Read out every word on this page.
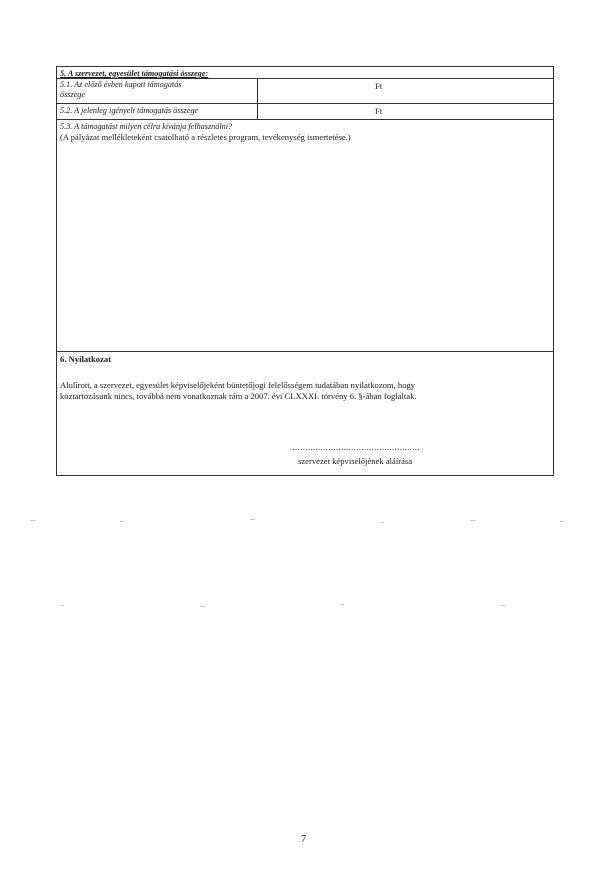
5. A szervezet, egyesület támogatási összege:
5.1. Az előző évben kapott támogatás
összege
Ft
5.2. A jelenleg igényelt támogatás összege	Ft
5.3. A támogatást milyen célra kívánja felhasználni?
(A pályázat mellékleteként csatolható a részletes program, tevékenység ismertetése.)
6. Nyilatkozat
Alulírott, a szervezet, egyesület képviselőjeként büntetőjogi felelősségem tudatában nyilatkozom, hogy
köztartozásunk nincs, továbbá nem vonatkoznak rám a 2007. évi CLXXXI. törvény 6. §-ában foglaltak.
...................................................
szervezet képviselőjének aláírása
7
